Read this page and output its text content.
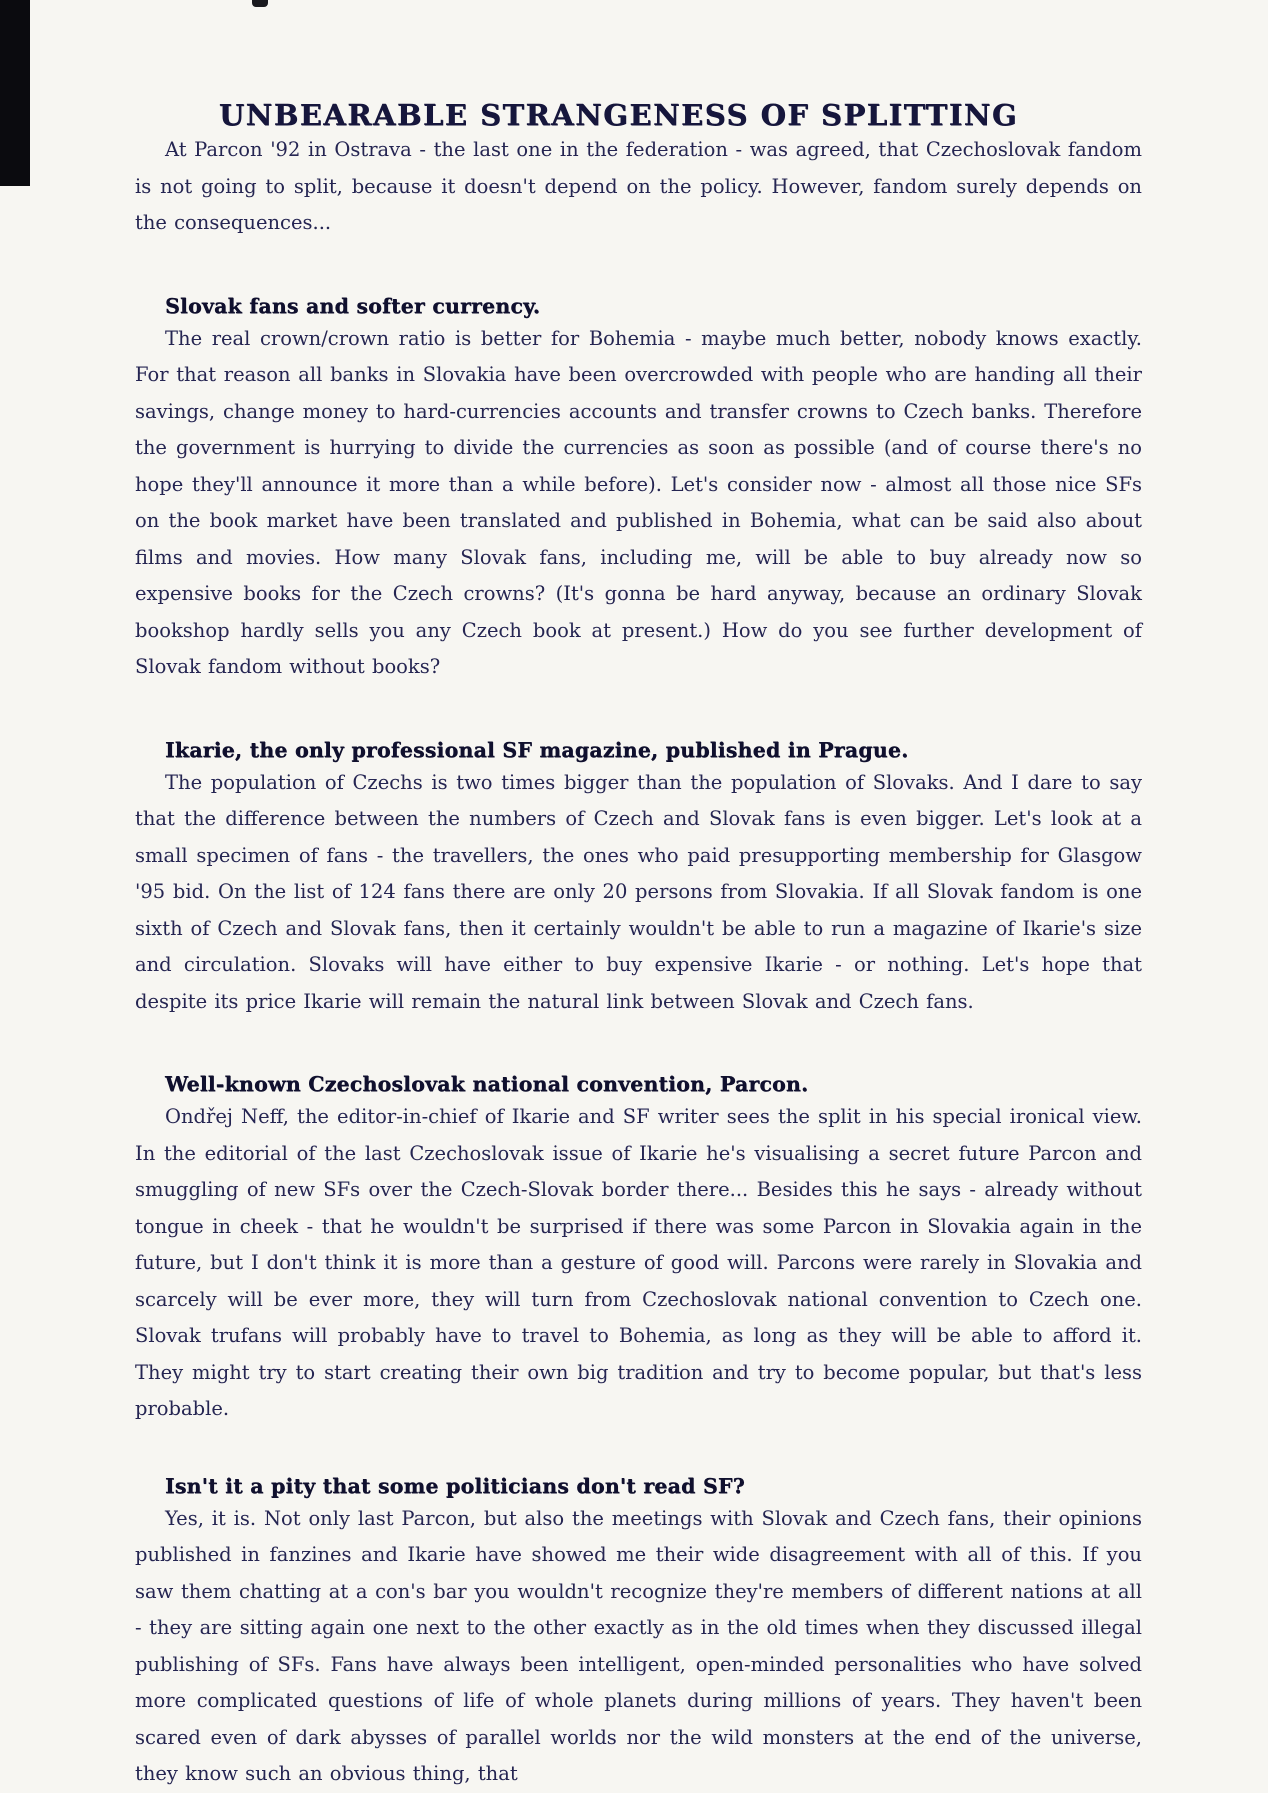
UNBEARABLE STRANGENESS OF SPLITTING

At Parcon '92 in Ostrava - the last one in the federation - was agreed, that Czechoslovak fandom is not going to split, because it doesn't depend on the policy. However, fandom surely depends on the consequences...

Slovak fans and softer currency.

The real crown/crown ratio is better for Bohemia - maybe much better, nobody knows exactly. For that reason all banks in Slovakia have been overcrowded with people who are handing all their savings, change money to hard-currencies accounts and transfer crowns to Czech banks. Therefore the government is hurrying to divide the currencies as soon as possible (and of course there's no hope they'll announce it more than a while before). Let's consider now - almost all those nice SFs on the book market have been translated and published in Bohemia, what can be said also about films and movies. How many Slovak fans, including me, will be able to buy already now so expensive books for the Czech crowns? (It's gonna be hard anyway, because an ordinary Slovak bookshop hardly sells you any Czech book at present.) How do you see further development of Slovak fandom without books?

Ikarie, the only professional SF magazine, published in Prague.

The population of Czechs is two times bigger than the population of Slovaks. And I dare to say that the difference between the numbers of Czech and Slovak fans is even bigger. Let's look at a small specimen of fans - the travellers, the ones who paid presupporting membership for Glasgow '95 bid. On the list of 124 fans there are only 20 persons from Slovakia. If all Slovak fandom is one sixth of Czech and Slovak fans, then it certainly wouldn't be able to run a magazine of Ikarie's size and circulation. Slovaks will have either to buy expensive Ikarie - or nothing. Let's hope that despite its price Ikarie will remain the natural link between Slovak and Czech fans.

Well-known Czechoslovak national convention, Parcon.

Ondřej Neff, the editor-in-chief of Ikarie and SF writer sees the split in his special ironical view. In the editorial of the last Czechoslovak issue of Ikarie he's visualising a secret future Parcon and smuggling of new SFs over the Czech-Slovak border there... Besides this he says - already without tongue in cheek - that he wouldn't be surprised if there was some Parcon in Slovakia again in the future, but I don't think it is more than a gesture of good will. Parcons were rarely in Slovakia and scarcely will be ever more, they will turn from Czechoslovak national convention to Czech one. Slovak trufans will probably have to travel to Bohemia, as long as they will be able to afford it. They might try to start creating their own big tradition and try to become popular, but that's less probable.

Isn't it a pity that some politicians don't read SF?

Yes, it is. Not only last Parcon, but also the meetings with Slovak and Czech fans, their opinions published in fanzines and Ikarie have showed me their wide disagreement with all of this. If you saw them chatting at a con's bar you wouldn't recognize they're members of different nations at all - they are sitting again one next to the other exactly as in the old times when they discussed illegal publishing of SFs. Fans have always been intelligent, open-minded personalities who have solved more complicated questions of life of whole planets during millions of years. They haven't been scared even of dark abysses of parallel worlds nor the wild monsters at the end of the universe, they know such an obvious thing, that
